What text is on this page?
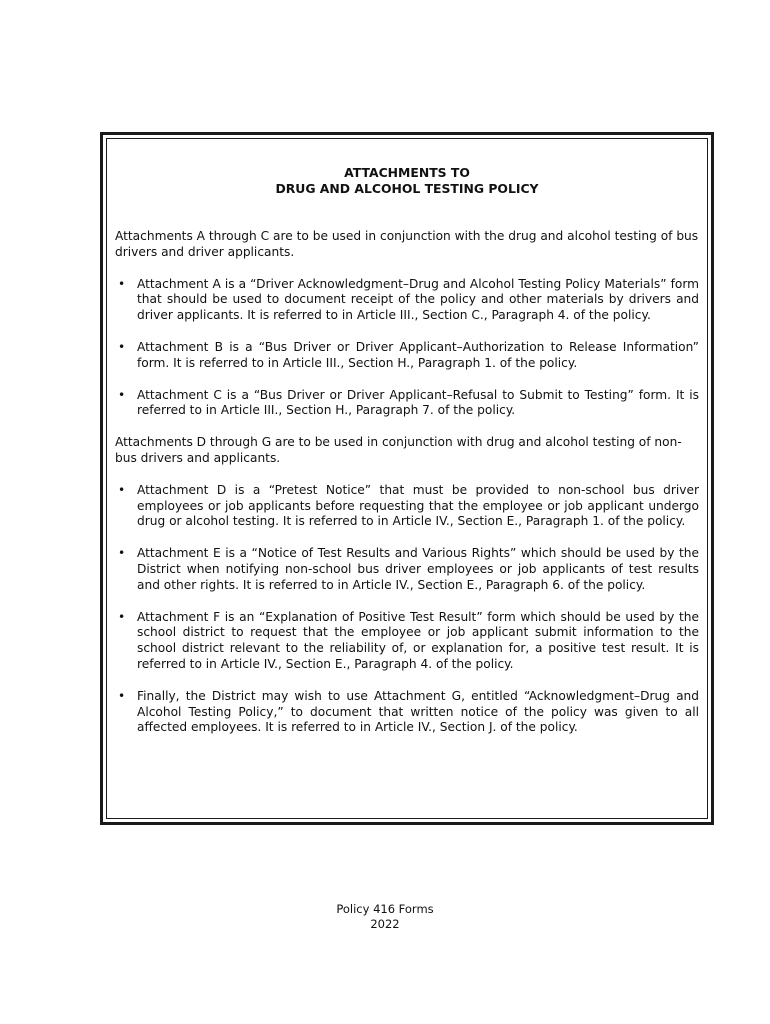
ATTACHMENTS TO
DRUG AND ALCOHOL TESTING POLICY

Attachments A through C are to be used in conjunction with the drug and alcohol testing of bus drivers and driver applicants.

• Attachment A is a “Driver Acknowledgment–Drug and Alcohol Testing Policy Materials” form that should be used to document receipt of the policy and other materials by drivers and driver applicants. It is referred to in Article III., Section C., Paragraph 4. of the policy.
• Attachment B is a “Bus Driver or Driver Applicant–Authorization to Release Information” form. It is referred to in Article III., Section H., Paragraph 1. of the policy.
• Attachment C is a “Bus Driver or Driver Applicant–Refusal to Submit to Testing” form. It is referred to in Article III., Section H., Paragraph 7. of the policy.

Attachments D through G are to be used in conjunction with drug and alcohol testing of non-bus drivers and applicants.

• Attachment D is a “Pretest Notice” that must be provided to non-school bus driver employees or job applicants before requesting that the employee or job applicant undergo drug or alcohol testing. It is referred to in Article IV., Section E., Paragraph 1. of the policy.
• Attachment E is a “Notice of Test Results and Various Rights” which should be used by the District when notifying non-school bus driver employees or job applicants of test results and other rights. It is referred to in Article IV., Section E., Paragraph 6. of the policy.
• Attachment F is an “Explanation of Positive Test Result” form which should be used by the school district to request that the employee or job applicant submit information to the school district relevant to the reliability of, or explanation for, a positive test result. It is referred to in Article IV., Section E., Paragraph 4. of the policy.
• Finally, the District may wish to use Attachment G, entitled “Acknowledgment–Drug and Alcohol Testing Policy,” to document that written notice of the policy was given to all affected employees. It is referred to in Article IV., Section J. of the policy.
Policy 416 Forms
2022
